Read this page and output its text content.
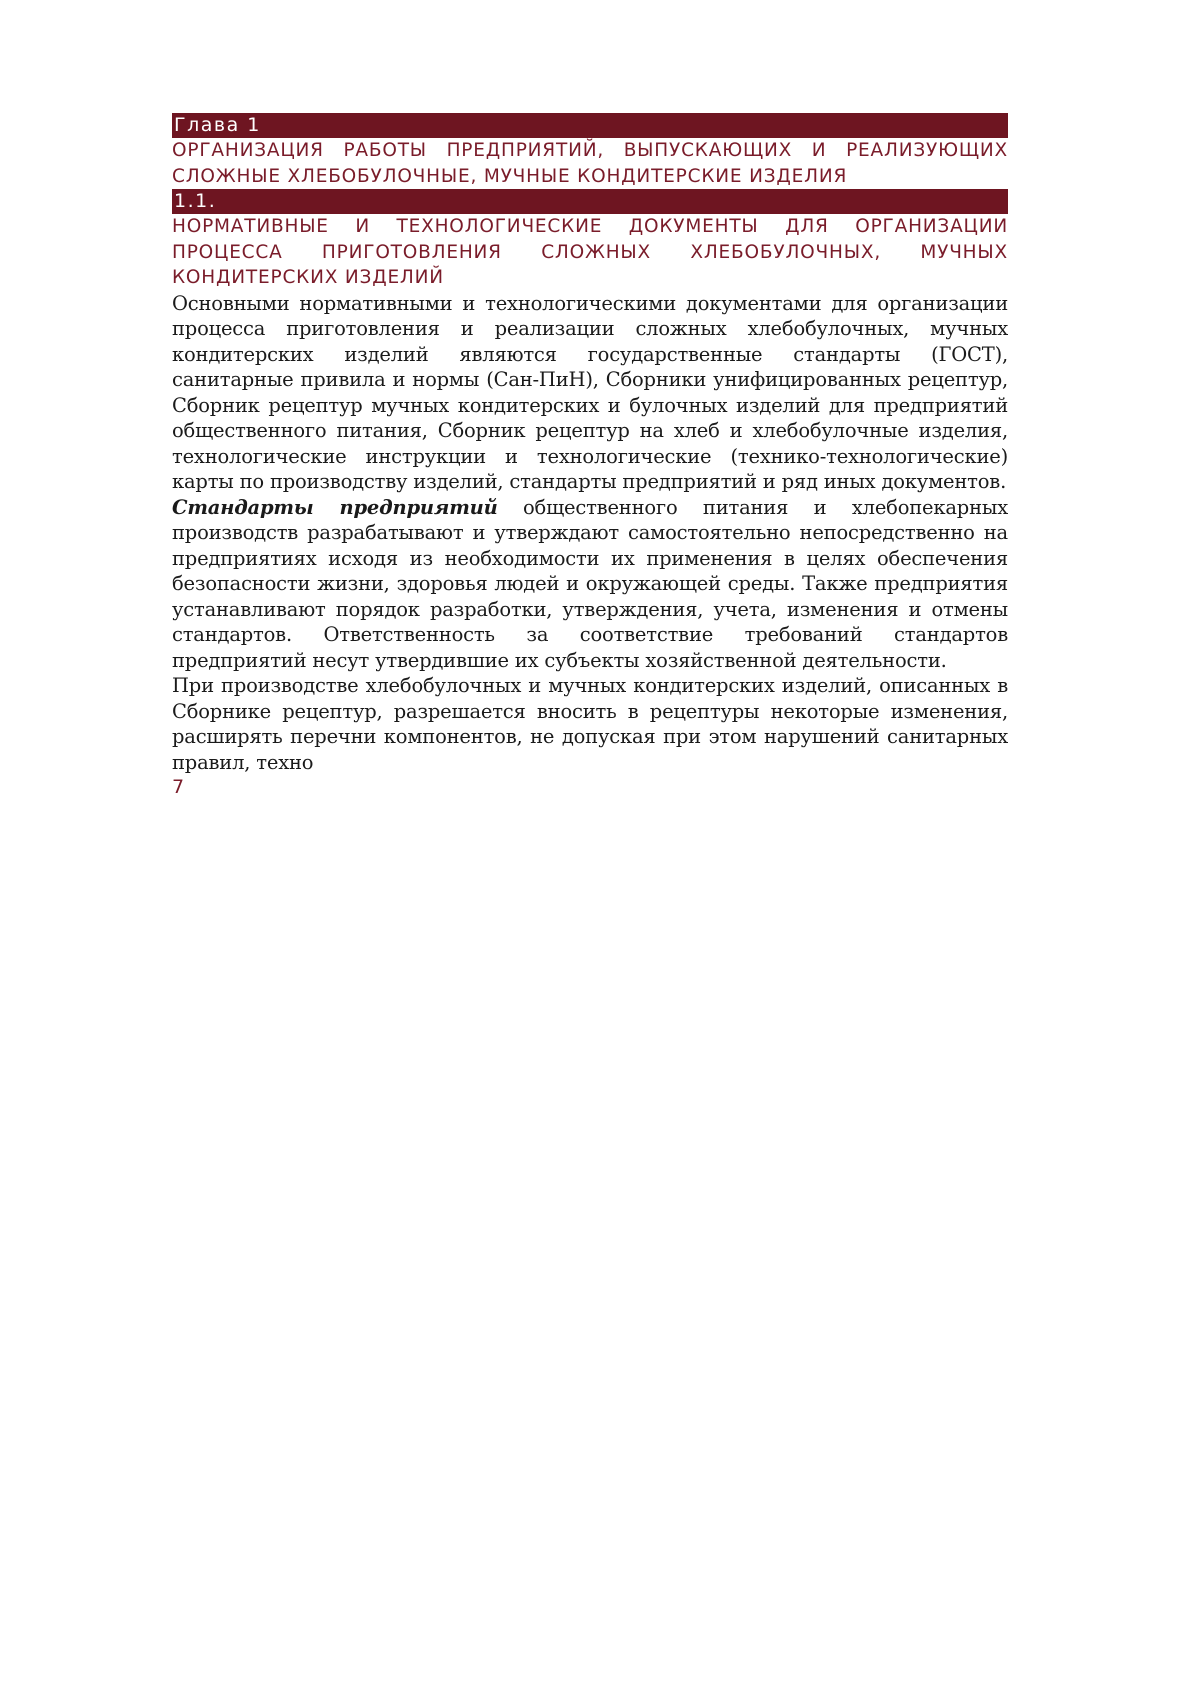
Глава 1

ОРГАНИЗАЦИЯ РАБОТЫ ПРЕДПРИЯТИЙ, ВЫПУСКАЮЩИХ И РЕАЛИЗУЮЩИХ СЛОЖНЫЕ ХЛЕБОБУЛОЧНЫЕ, МУЧНЫЕ КОНДИТЕРСКИЕ ИЗДЕЛИЯ

1.1.

НОРМАТИВНЫЕ И ТЕХНОЛОГИЧЕСКИЕ ДОКУМЕНТЫ ДЛЯ ОРГАНИЗАЦИИ ПРОЦЕССА ПРИГОТОВЛЕНИЯ СЛОЖНЫХ ХЛЕБОБУЛОЧНЫХ, МУЧНЫХ КОНДИТЕРСКИХ ИЗДЕЛИЙ

Основными нормативными и технологическими документами для организации процесса приготовления и реализации сложных хлебобулочных, мучных кондитерских изделий являются государственные стандарты (ГОСТ), санитарные привила и нормы (Сан-ПиН), Сборники унифицированных рецептур, Сборник рецептур мучных кондитерских и булочных изделий для предприятий общественного питания, Сборник рецептур на хлеб и хлебобулочные изделия, технологические инструкции и технологические (технико-технологические) карты по производству изделий, стандарты предприятий и ряд иных документов.

Стандарты предприятий общественного питания и хлебопекарных производств разрабатывают и утверждают самостоятельно непосредственно на предприятиях исходя из необходимости их применения в целях обеспечения безопасности жизни, здоровья людей и окружающей среды. Также предприятия устанавливают порядок разработки, утверждения, учета, изменения и отмены стандартов. Ответственность за соответствие требований стандартов предприятий несут утвердившие их субъекты хозяйственной деятельности.

При производстве хлебобулочных и мучных кондитерских изделий, описанных в Сборнике рецептур, разрешается вносить в рецептуры некоторые изменения, расширять перечни компонентов, не допуская при этом нарушений санитарных правил, техно

7
